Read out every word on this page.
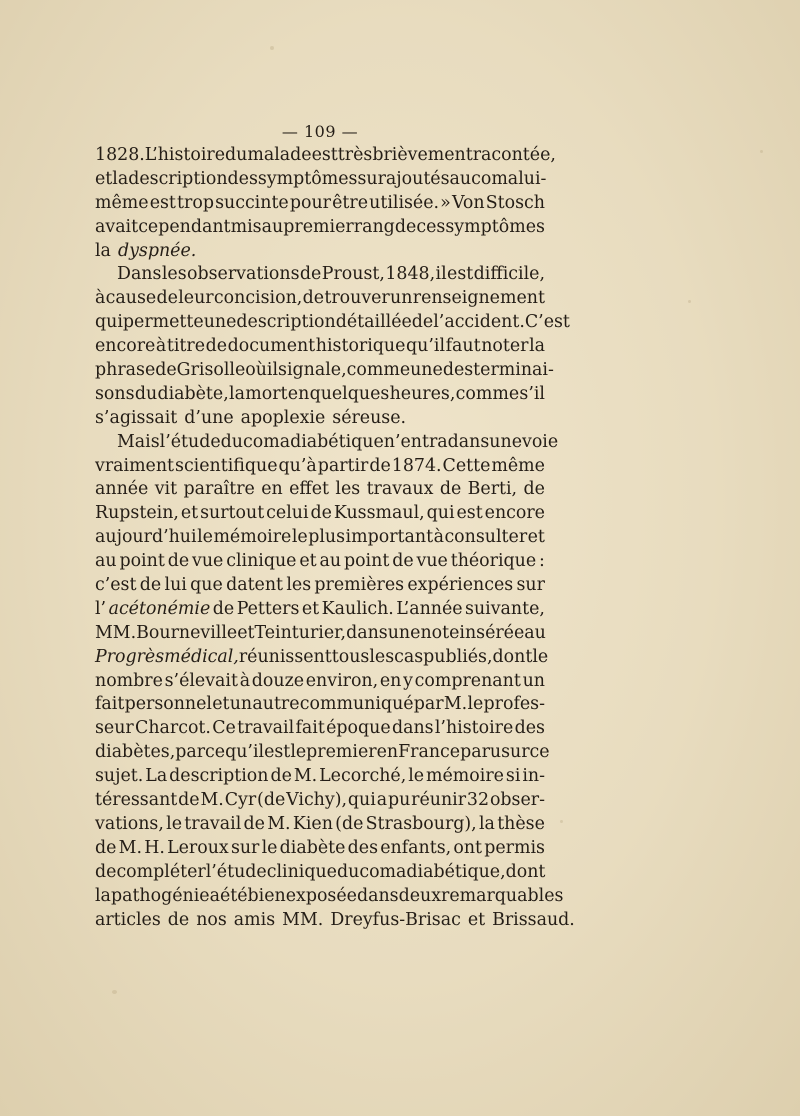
— 109 —
1828. L’histoire du malade est très brièvement racontée,
et la description des symptômes surajoutés au coma lui-
même est trop succinte pour être utilisée. » Von Stosch
avait cependant mis au premier rang de ces symptômes
la dyspnée.
Dans les observations de Proust, 1848, il est difficile,
à cause de leur concision, de trouver un renseignement
qui permette une description détaillée de l’accident. C’est
encore à titre de document historique qu’il faut noter la
phrase de Grisolle où il signale, comme une des terminai-
sons du diabète, la mort en quelques heures, comme s’il
s’agissait d’une apoplexie séreuse.
Mais l’étude du coma diabétique n’entra dans une voie
vraiment scientifique qu’à partir de 1874. Cette même
année vit paraître en effet les travaux de Berti, de
Rupstein, et surtout celui de Kussmaul, qui est encore
aujourd’hui le mémoire le plus important à consulter et
au point de vue clinique et au point de vue théorique :
c’est de lui que datent les premières expériences sur
l’ acétonémie de Petters et Kaulich. L’année suivante,
MM. Bourneville et Teinturier, dans une note insérée au
Progrès médical, réunissent tous les cas publiés, dont le
nombre s’élevait à douze environ, en y comprenant un
fait personnel et un autre communiqué par M. le profes-
seur Charcot. Ce travail fait époque dans l’histoire des
diabètes, parce qu’il est le premier en France paru sur ce
sujet. La description de M. Lecorché, le mémoire si in-
téressant de M. Cyr (de Vichy), qui a pu réunir 32 obser-
vations, le travail de M. Kien (de Strasbourg), la thèse
de M. H. Leroux sur le diabète des enfants, ont permis
de compléter l’étude clinique du coma diabétique, dont
la pathogénie a été bien exposée dans deux remarquables
articles de nos amis MM. Dreyfus-Brisac et Brissaud.
